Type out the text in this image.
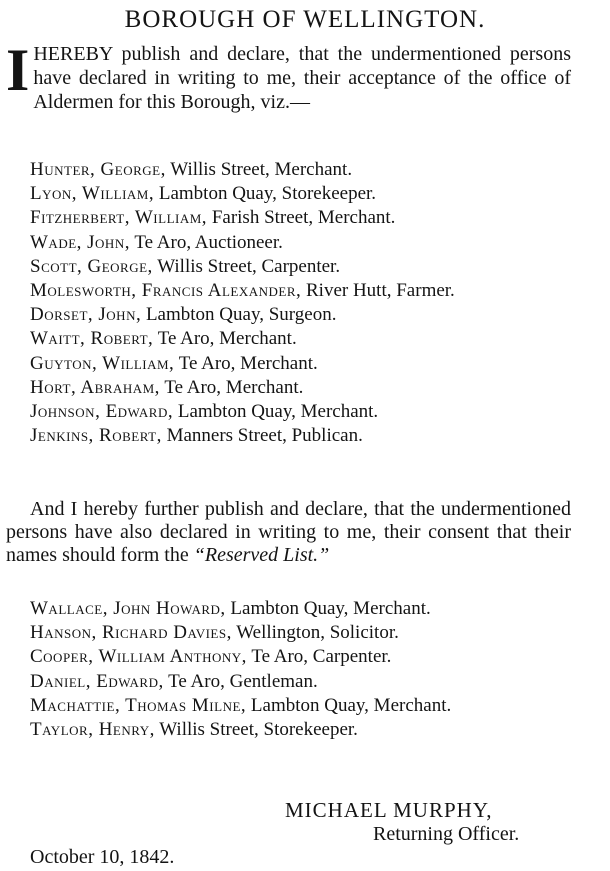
BOROUGH OF WELLINGTON.
IHEREBY publish and declare, that the undermentioned persons have declared in writing to me, their acceptance of the office of Aldermen for this Borough, viz.—
Hunter, George, Willis Street, Merchant.
Lyon, William, Lambton Quay, Storekeeper.
Fitzherbert, William, Farish Street, Merchant.
Wade, John, Te Aro, Auctioneer.
Scott, George, Willis Street, Carpenter.
Molesworth, Francis Alexander, River Hutt, Farmer.
Dorset, John, Lambton Quay, Surgeon.
Waitt, Robert, Te Aro, Merchant.
Guyton, William, Te Aro, Merchant.
Hort, Abraham, Te Aro, Merchant.
Johnson, Edward, Lambton Quay, Merchant.
Jenkins, Robert, Manners Street, Publican.
And I hereby further publish and declare, that the undermentioned persons have also declared in writing to me, their consent that their names should form the “Reserved List.”
Wallace, John Howard, Lambton Quay, Merchant.
Hanson, Richard Davies, Wellington, Solicitor.
Cooper, William Anthony, Te Aro, Carpenter.
Daniel, Edward, Te Aro, Gentleman.
Machattie, Thomas Milne, Lambton Quay, Merchant.
Taylor, Henry, Willis Street, Storekeeper.
MICHAEL MURPHY,
Returning Officer.
October 10, 1842.
